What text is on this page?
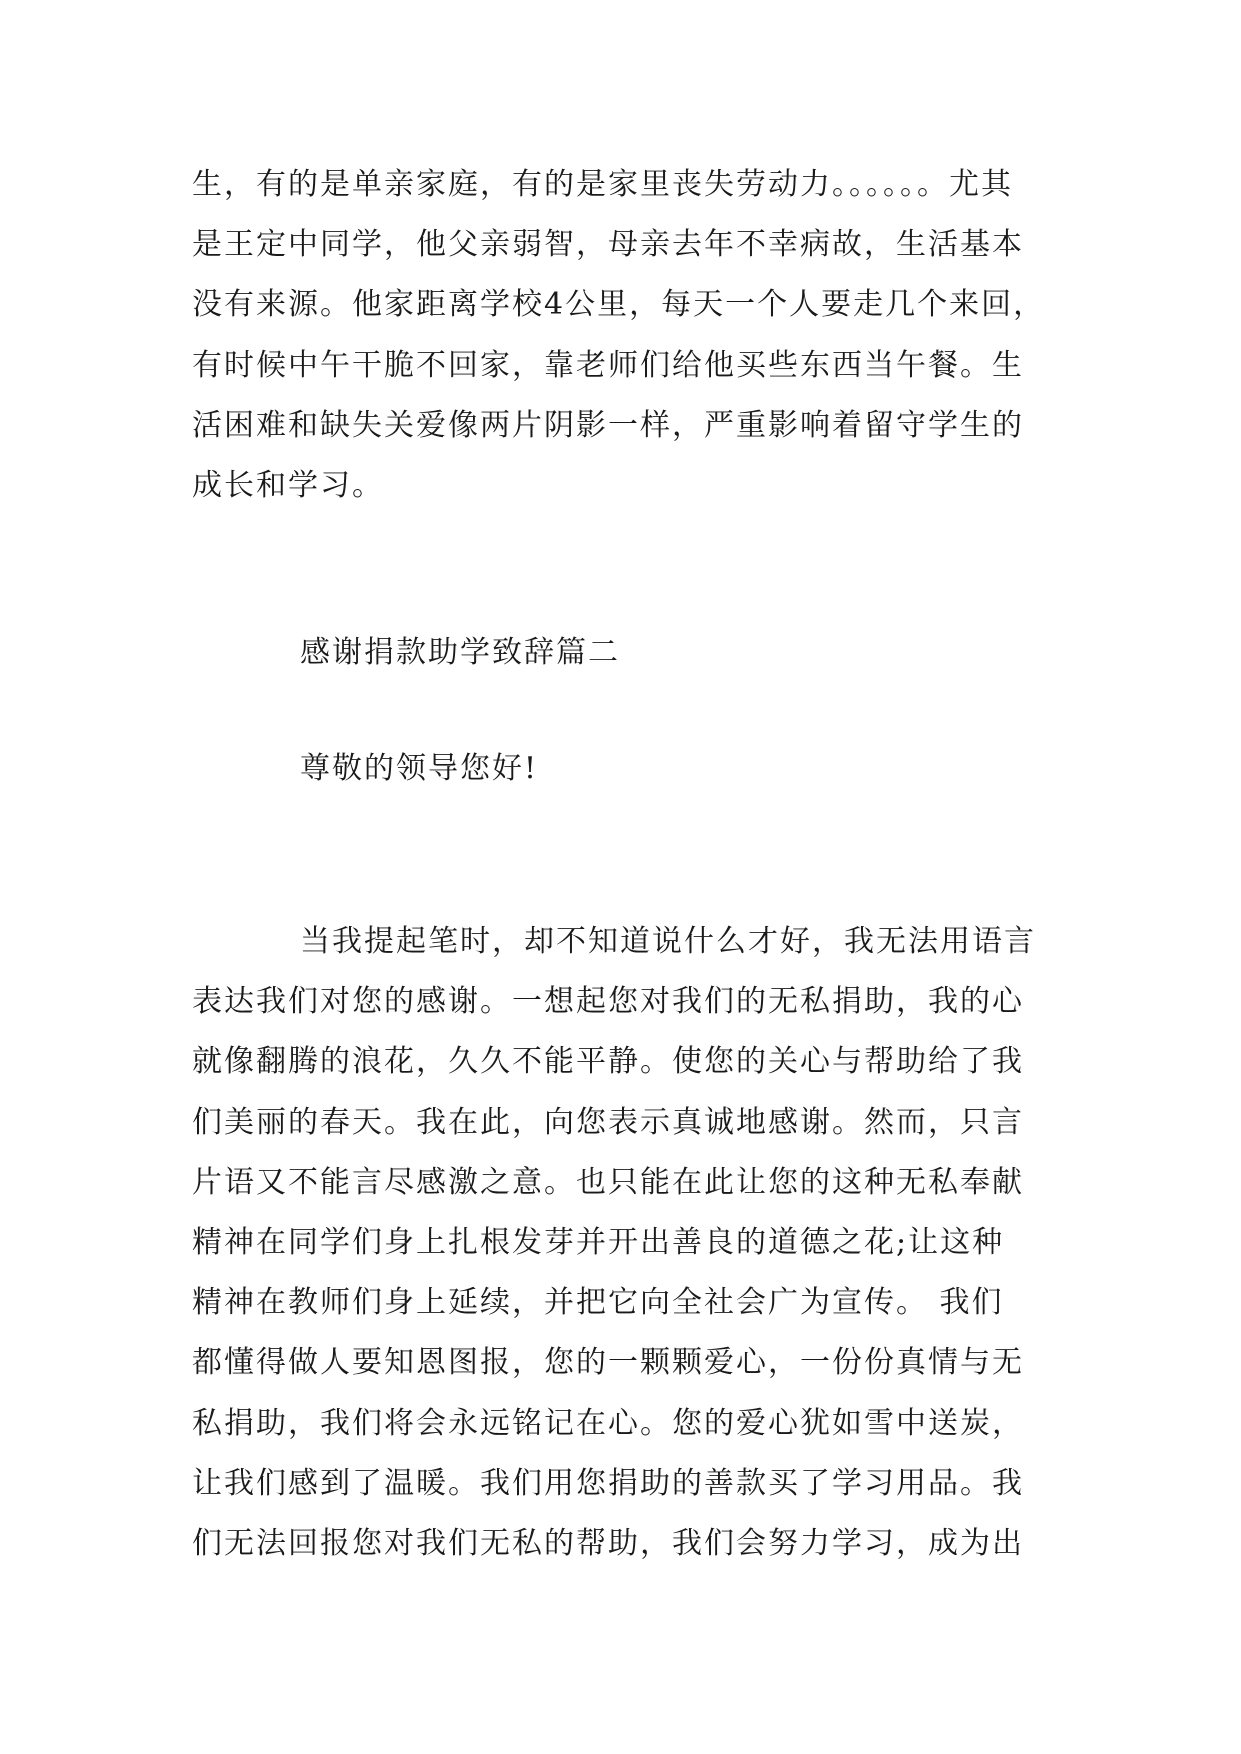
生，有的是单亲家庭，有的是家里丧失劳动力。。。。。。尤其
是王定中同学，他父亲弱智，母亲去年不幸病故，生活基本
没有来源。他家距离学校4公里，每天一个人要走几个来回，
有时候中午干脆不回家，靠老师们给他买些东西当午餐。生
活困难和缺失关爱像两片阴影一样，严重影响着留守学生的
成长和学习。
感谢捐款助学致辞篇二
尊敬的领导您好!
当我提起笔时，却不知道说什么才好，我无法用语言
表达我们对您的感谢。一想起您对我们的无私捐助，我的心
就像翻腾的浪花，久久不能平静。使您的关心与帮助给了我
们美丽的春天。我在此，向您表示真诚地感谢。然而，只言
片语又不能言尽感激之意。也只能在此让您的这种无私奉献
精神在同学们身上扎根发芽并开出善良的道德之花;让这种
精神在教师们身上延续，并把它向全社会广为宣传。 我们
都懂得做人要知恩图报，您的一颗颗爱心，一份份真情与无
私捐助，我们将会永远铭记在心。您的爱心犹如雪中送炭，
让我们感到了温暖。我们用您捐助的善款买了学习用品。我
们无法回报您对我们无私的帮助，我们会努力学习，成为出
